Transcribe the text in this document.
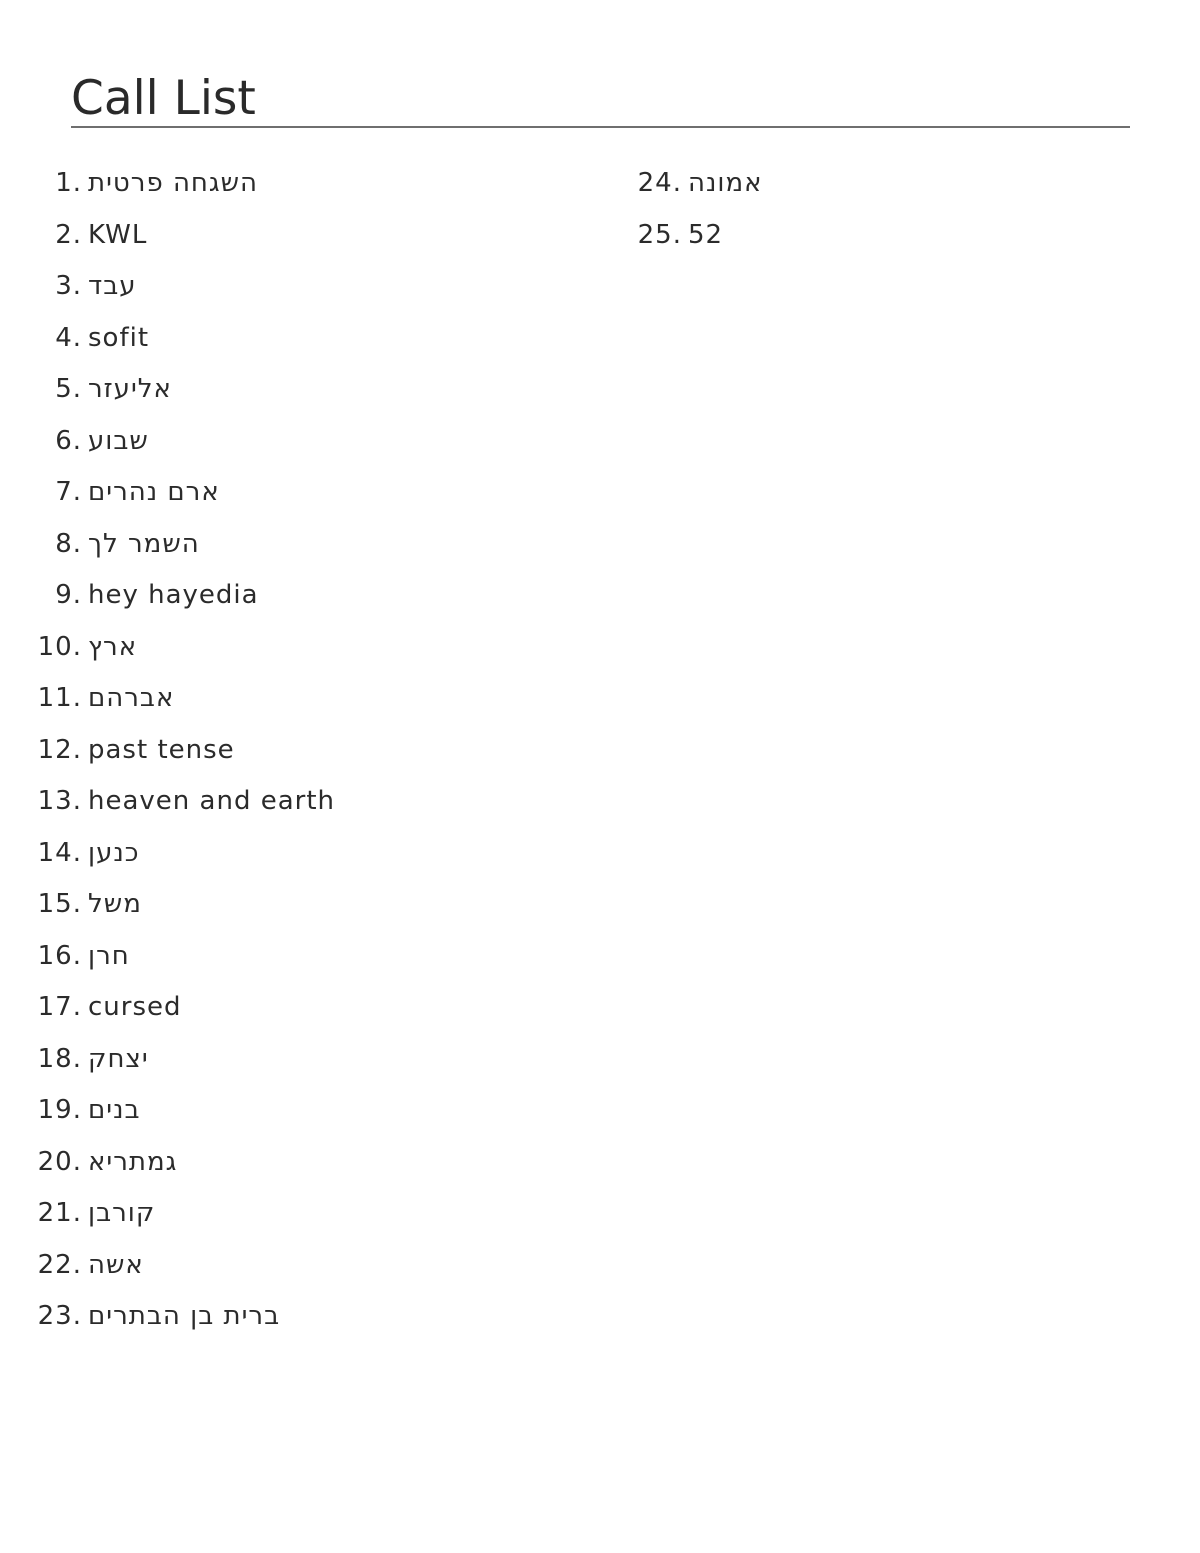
Call List
1. השגחה פרטית
2. KWL
3. עבד
4. sofit
5. אליעזר
6. שבוע
7. ארם נהרים
8. השמר לך
9. hey hayedia
10. ארץ
11. אברהם
12. past tense
13. heaven and earth
14. כנען
15. משל
16. חרן
17. cursed
18. יצחק
19. בנים
20. גמתריא
21. קורבן
22. אשה
23. ברית בן הבתרים
24. אמונה
25. 52
